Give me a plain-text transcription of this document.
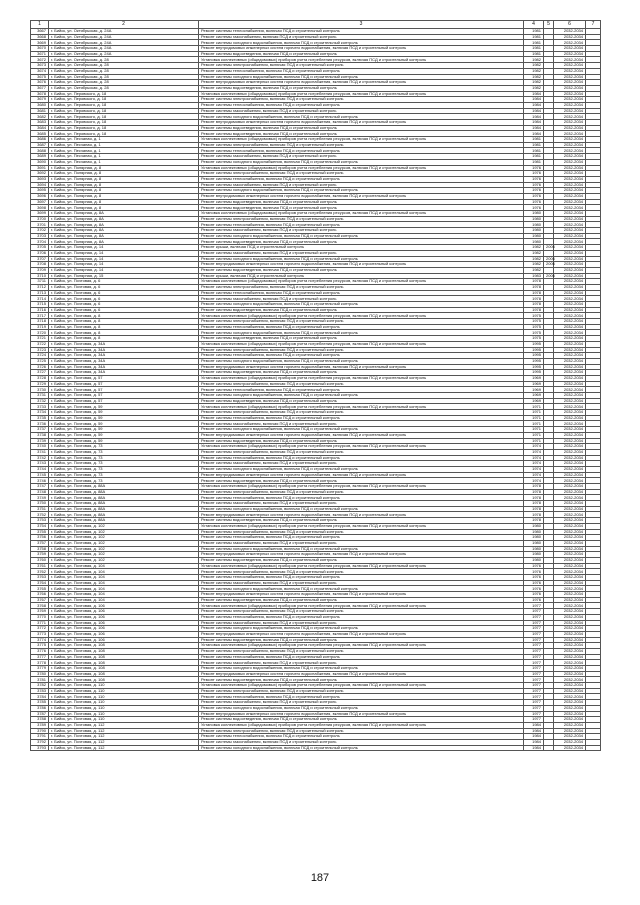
1	2	3	4	5	6	7
3667	г. Бийск, ул. Октябрьская, д. 24А	Ремонт системы теплоснабжения, включая ПСД и строительный контроль	1981		2032-2034	
3668	г. Бийск, ул. Октябрьская, д. 24А	Ремонт системы газоснабжения, включая ПСД и строительный контроль	1981		2032-2034	
3669	г. Бийск, ул. Октябрьская, д. 24А	Ремонт системы холодного водоснабжения, включая ПСД и строительный контроль	1981		2032-2034	
3670	г. Бийск, ул. Октябрьская, д. 24А	Ремонт внутридомовых инженерных систем горячего водоснабжения, включая ПСД и строительный контроль	1981		2032-2034	
3671	г. Бийск, ул. Октябрьская, д. 24А	Ремонт системы водоотведения, включая ПСД и строительный контроль	1981		2032-2034	
3672	г. Бийск, ул. Октябрьская, д. 28	Установка коллективных (общедомовых) приборов учета потребления ресурсов, включая ПСД и строительный контроль	1982		2032-2034	
3673	г. Бийск, ул. Октябрьская, д. 28	Ремонт системы электроснабжения, включая ПСД и строительный контроль	1982		2032-2034	
3674	г. Бийск, ул. Октябрьская, д. 28	Ремонт системы теплоснабжения, включая ПСД и строительный контроль	1982		2032-2034	
3675	г. Бийск, ул. Октябрьская, д. 28	Ремонт системы холодного водоснабжения, включая ПСД и строительный контроль	1982		2032-2034	
3676	г. Бийск, ул. Октябрьская, д. 28	Ремонт внутридомовых инженерных систем горячего водоснабжения, включая ПСД и строительный контроль	1982		2032-2034	
3677	г. Бийск, ул. Октябрьская, д. 28	Ремонт системы водоотведения, включая ПСД и строительный контроль	1982		2032-2034	
3678	г. Бийск, ул. Перовского, д. 18	Установка коллективных (общедомовых) приборов учета потребления ресурсов, включая ПСД и строительный контроль	1984		2032-2034	
3679	г. Бийск, ул. Перовского, д. 18	Ремонт системы электроснабжения, включая ПСД и строительный контроль	1984		2032-2034	
3680	г. Бийск, ул. Перовского, д. 18	Ремонт системы теплоснабжения, включая ПСД и строительный контроль	1984		2032-2034	
3681	г. Бийск, ул. Перовского, д. 18	Ремонт системы газоснабжения, включая ПСД и строительный контроль	1984		2032-2034	
3682	г. Бийск, ул. Перовского, д. 18	Ремонт системы холодного водоснабжения, включая ПСД и строительный контроль	1984		2032-2034	
3683	г. Бийск, ул. Перовского, д. 18	Ремонт внутридомовых инженерных систем горячего водоснабжения, включая ПСД и строительный контроль	1984		2032-2034	
3684	г. Бийск, ул. Перовского, д. 18	Ремонт системы водоотведения, включая ПСД и строительный контроль	1984		2032-2034	
3685	г. Бийск, ул. Перовского, д. 18	Ремонт системы водоотведения, включая ПСД и строительный контроль	1984		2032-2034	
3686	г. Бийск, ул. Песчаная, д. 1	Установка коллективных (общедомовых) приборов учета потребления ресурсов, включая ПСД и строительный контроль	1981		2032-2034	
3687	г. Бийск, ул. Песчаная, д. 1	Ремонт системы электроснабжения, включая ПСД и строительный контроль	1981		2032-2034	
3688	г. Бийск, ул. Песчаная, д. 1	Ремонт системы теплоснабжения, включая ПСД и строительный контроль	1981		2032-2034	
3689	г. Бийск, ул. Песчаная, д. 1	Ремонт системы газоснабжения, включая ПСД и строительный контроль	1981		2032-2034	
3690	г. Бийск, ул. Песчаная, д. 1	Ремонт системы холодного водоснабжения, включая ПСД и строительный контроль	1981		2032-2034	
3691	г. Бийск, ул. Полярная, д. 8	Установка коллективных (общедомовых) приборов учета потребления ресурсов, включая ПСД и строительный контроль	1976		2032-2034	
3692	г. Бийск, ул. Полярная, д. 8	Ремонт системы электроснабжения, включая ПСД и строительный контроль	1976		2032-2034	
3693	г. Бийск, ул. Полярная, д. 8	Ремонт системы теплоснабжения, включая ПСД и строительный контроль	1976		2032-2034	
3694	г. Бийск, ул. Полярная, д. 8	Ремонт системы газоснабжения, включая ПСД и строительный контроль	1976		2032-2034	
3695	г. Бийск, ул. Полярная, д. 8	Ремонт системы холодного водоснабжения, включая ПСД и строительный контроль	1976		2032-2034	
3696	г. Бийск, ул. Полярная, д. 8	Ремонт внутридомовых инженерных систем горячего водоснабжения, включая ПСД и строительный контроль	1976		2032-2034	
3697	г. Бийск, ул. Полярная, д. 8	Ремонт системы водоотведения, включая ПСД и строительный контроль	1976		2032-2034	
3698	г. Бийск, ул. Полярная, д. 8	Ремонт системы водоотведения, включая ПСД и строительный контроль	1976		2032-2034	
3699	г. Бийск, ул. Полярная, д. 8А	Установка коллективных (общедомовых) приборов учета потребления ресурсов, включая ПСД и строительный контроль	1980		2032-2034	
3700	г. Бийск, ул. Полярная, д. 8А	Ремонт системы электроснабжения, включая ПСД и строительный контроль	1980		2032-2034	
3701	г. Бийск, ул. Полярная, д. 8А	Ремонт системы теплоснабжения, включая ПСД и строительный контроль	1980		2032-2034	
3702	г. Бийск, ул. Полярная, д. 8А	Ремонт системы газоснабжения, включая ПСД и строительный контроль	1980		2032-2034	
3703	г. Бийск, ул. Полярная, д. 8А	Ремонт системы холодного водоснабжения, включая ПСД и строительный контроль	1980		2032-2034	
3704	г. Бийск, ул. Полярная, д. 8А	Ремонт системы водоотведения, включая ПСД и строительный контроль	1980		2032-2034	
3705	г. Бийск, ул. Полярная, д. 14	Ремонт крыши, включая ПСД и строительный контроль	1982	2006	2032-2034	
3706	г. Бийск, ул. Полярная, д. 14	Ремонт системы газоснабжения, включая ПСД и строительный контроль	1982		2032-2034	
3707	г. Бийск, ул. Полярная, д. 14	Ремонт системы холодного водоснабжения, включая ПСД и строительный контроль	1982	2006	2032-2034	
3708	г. Бийск, ул. Полярная, д. 14	Ремонт внутридомовых инженерных систем горячего водоснабжения, включая ПСД и строительный контроль	1982	2006	2032-2034	
3709	г. Бийск, ул. Полярная, д. 14	Ремонт системы водоотведения, включая ПСД и строительный контроль	1982		2032-2034	
3710	г. Бийск, ул. Полярная, д. 15	Ремонт крыши, включая ПСД и строительный контроль	1983	2006	2032-2034	
3711	г. Бийск, ул. Почтовая, д. 6	Установка коллективных (общедомовых) приборов учета потребления ресурсов, включая ПСД и строительный контроль	1978		2032-2034	
3712	г. Бийск, ул. Почтовая, д. 6	Ремонт системы электроснабжения, включая ПСД и строительный контроль	1978		2032-2034	
3713	г. Бийск, ул. Почтовая, д. 6	Ремонт системы теплоснабжения, включая ПСД и строительный контроль	1978		2032-2034	
3714	г. Бийск, ул. Почтовая, д. 6	Ремонт системы газоснабжения, включая ПСД и строительный контроль	1978		2032-2034	
3715	г. Бийск, ул. Почтовая, д. 6	Ремонт системы холодного водоснабжения, включая ПСД и строительный контроль	1978		2032-2034	
3716	г. Бийск, ул. Почтовая, д. 6	Ремонт системы водоотведения, включая ПСД и строительный контроль	1978		2032-2034	
3717	г. Бийск, ул. Почтовая, д. 8	Установка коллективных (общедомовых) приборов учета потребления ресурсов, включая ПСД и строительный контроль	1975		2032-2034	
3718	г. Бийск, ул. Почтовая, д. 8	Ремонт системы электроснабжения, включая ПСД и строительный контроль	1975		2032-2034	
3719	г. Бийск, ул. Почтовая, д. 8	Ремонт системы теплоснабжения, включая ПСД и строительный контроль	1975		2032-2034	
3720	г. Бийск, ул. Почтовая, д. 8	Ремонт системы холодного водоснабжения, включая ПСД и строительный контроль	1975		2032-2034	
3721	г. Бийск, ул. Почтовая, д. 8	Ремонт системы водоотведения, включая ПСД и строительный контроль	1975		2032-2034	
3722	г. Бийск, ул. Почтовая, д. 34А	Установка коллективных (общедомовых) приборов учета потребления ресурсов, включая ПСД и строительный контроль	1995		2032-2034	
3723	г. Бийск, ул. Почтовая, д. 34А	Ремонт системы электроснабжения, включая ПСД и строительный контроль	1995		2032-2034	
3724	г. Бийск, ул. Почтовая, д. 34А	Ремонт системы теплоснабжения, включая ПСД и строительный контроль	1995		2032-2034	
3725	г. Бийск, ул. Почтовая, д. 34А	Ремонт системы холодного водоснабжения, включая ПСД и строительный контроль	1995		2032-2034	
3726	г. Бийск, ул. Почтовая, д. 34А	Ремонт внутридомовых инженерных систем горячего водоснабжения, включая ПСД и строительный контроль	1995		2032-2034	
3727	г. Бийск, ул. Почтовая, д. 34А	Ремонт системы водоотведения, включая ПСД и строительный контроль	1995		2032-2034	
3728	г. Бийск, ул. Почтовая, д. 57	Установка коллективных (общедомовых) приборов учета потребления ресурсов, включая ПСД и строительный контроль	1969		2032-2034	
3729	г. Бийск, ул. Почтовая, д. 57	Ремонт системы электроснабжения, включая ПСД и строительный контроль	1969		2032-2034	
3730	г. Бийск, ул. Почтовая, д. 57	Ремонт системы теплоснабжения, включая ПСД и строительный контроль	1969		2032-2034	
3731	г. Бийск, ул. Почтовая, д. 57	Ремонт системы холодного водоснабжения, включая ПСД и строительный контроль	1969		2032-2034	
3732	г. Бийск, ул. Почтовая, д. 57	Ремонт системы водоотведения, включая ПСД и строительный контроль	1969		2032-2034	
3733	г. Бийск, ул. Почтовая, д. 59	Установка коллективных (общедомовых) приборов учета потребления ресурсов, включая ПСД и строительный контроль	1971		2032-2034	
3734	г. Бийск, ул. Почтовая, д. 59	Ремонт системы электроснабжения, включая ПСД и строительный контроль	1971		2032-2034	
3735	г. Бийск, ул. Почтовая, д. 59	Ремонт системы теплоснабжения, включая ПСД и строительный контроль	1971		2032-2034	
3736	г. Бийск, ул. Почтовая, д. 59	Ремонт системы газоснабжения, включая ПСД и строительный контроль	1971		2032-2034	
3737	г. Бийск, ул. Почтовая, д. 59	Ремонт системы холодного водоснабжения, включая ПСД и строительный контроль	1971		2032-2034	
3738	г. Бийск, ул. Почтовая, д. 59	Ремонт внутридомовых инженерных систем горячего водоснабжения, включая ПСД и строительный контроль	1971		2032-2034	
3739	г. Бийск, ул. Почтовая, д. 59	Ремонт системы водоотведения, включая ПСД и строительный контроль	1971		2032-2034	
3740	г. Бийск, ул. Почтовая, д. 73	Установка коллективных (общедомовых) приборов учета потребления ресурсов, включая ПСД и строительный контроль	1974		2032-2034	
3741	г. Бийск, ул. Почтовая, д. 73	Ремонт системы электроснабжения, включая ПСД и строительный контроль	1974		2032-2034	
3742	г. Бийск, ул. Почтовая, д. 73	Ремонт системы теплоснабжения, включая ПСД и строительный контроль	1974		2032-2034	
3743	г. Бийск, ул. Почтовая, д. 73	Ремонт системы газоснабжения, включая ПСД и строительный контроль	1974		2032-2034	
3744	г. Бийск, ул. Почтовая, д. 73	Ремонт системы холодного водоснабжения, включая ПСД и строительный контроль	1974		2032-2034	
3745	г. Бийск, ул. Почтовая, д. 73	Ремонт внутридомовых инженерных систем горячего водоснабжения, включая ПСД и строительный контроль	1974		2032-2034	
3746	г. Бийск, ул. Почтовая, д. 73	Ремонт системы водоотведения, включая ПСД и строительный контроль	1974		2032-2034	
3747	г. Бийск, ул. Почтовая, д. 88А	Установка коллективных (общедомовых) приборов учета потребления ресурсов, включая ПСД и строительный контроль	1978		2032-2034	
3748	г. Бийск, ул. Почтовая, д. 88А	Ремонт системы электроснабжения, включая ПСД и строительный контроль	1978		2032-2034	
3749	г. Бийск, ул. Почтовая, д. 88А	Ремонт системы теплоснабжения, включая ПСД и строительный контроль	1978		2032-2034	
3750	г. Бийск, ул. Почтовая, д. 88А	Ремонт системы газоснабжения, включая ПСД и строительный контроль	1978		2032-2034	
3751	г. Бийск, ул. Почтовая, д. 88А	Ремонт системы холодного водоснабжения, включая ПСД и строительный контроль	1978		2032-2034	
3752	г. Бийск, ул. Почтовая, д. 88А	Ремонт внутридомовых инженерных систем горячего водоснабжения, включая ПСД и строительный контроль	1978		2032-2034	
3753	г. Бийск, ул. Почтовая, д. 88А	Ремонт системы водоотведения, включая ПСД и строительный контроль	1978		2032-2034	
3754	г. Бийск, ул. Почтовая, д. 102	Установка коллективных (общедомовых) приборов учета потребления ресурсов, включая ПСД и строительный контроль	1980		2032-2034	
3755	г. Бийск, ул. Почтовая, д. 102	Ремонт системы электроснабжения, включая ПСД и строительный контроль	1980		2032-2034	
3756	г. Бийск, ул. Почтовая, д. 102	Ремонт системы теплоснабжения, включая ПСД и строительный контроль	1980		2032-2034	
3757	г. Бийск, ул. Почтовая, д. 102	Ремонт системы газоснабжения, включая ПСД и строительный контроль	1980		2032-2034	
3758	г. Бийск, ул. Почтовая, д. 102	Ремонт системы холодного водоснабжения, включая ПСД и строительный контроль	1980		2032-2034	
3759	г. Бийск, ул. Почтовая, д. 102	Ремонт внутридомовых инженерных систем горячего водоснабжения, включая ПСД и строительный контроль	1980		2032-2034	
3760	г. Бийск, ул. Почтовая, д. 102	Ремонт системы водоотведения, включая ПСД и строительный контроль	1980		2032-2034	
3761	г. Бийск, ул. Почтовая, д. 104	Установка коллективных (общедомовых) приборов учета потребления ресурсов, включая ПСД и строительный контроль	1976		2032-2034	
3762	г. Бийск, ул. Почтовая, д. 104	Ремонт системы электроснабжения, включая ПСД и строительный контроль	1976		2032-2034	
3763	г. Бийск, ул. Почтовая, д. 104	Ремонт системы теплоснабжения, включая ПСД и строительный контроль	1976		2032-2034	
3764	г. Бийск, ул. Почтовая, д. 104	Ремонт системы газоснабжения, включая ПСД и строительный контроль	1976		2032-2034	
3765	г. Бийск, ул. Почтовая, д. 104	Ремонт системы холодного водоснабжения, включая ПСД и строительный контроль	1976		2032-2034	
3766	г. Бийск, ул. Почтовая, д. 104	Ремонт внутридомовых инженерных систем горячего водоснабжения, включая ПСД и строительный контроль	1976		2032-2034	
3767	г. Бийск, ул. Почтовая, д. 104	Ремонт системы водоотведения, включая ПСД и строительный контроль	1976		2032-2034	
3768	г. Бийск, ул. Почтовая, д. 106	Установка коллективных (общедомовых) приборов учета потребления ресурсов, включая ПСД и строительный контроль	1977		2032-2034	
3769	г. Бийск, ул. Почтовая, д. 106	Ремонт системы электроснабжения, включая ПСД и строительный контроль	1977		2032-2034	
3770	г. Бийск, ул. Почтовая, д. 106	Ремонт системы теплоснабжения, включая ПСД и строительный контроль	1977		2032-2034	
3771	г. Бийск, ул. Почтовая, д. 106	Ремонт системы газоснабжения, включая ПСД и строительный контроль	1977		2032-2034	
3772	г. Бийск, ул. Почтовая, д. 106	Ремонт системы холодного водоснабжения, включая ПСД и строительный контроль	1977		2032-2034	
3773	г. Бийск, ул. Почтовая, д. 106	Ремонт внутридомовых инженерных систем горячего водоснабжения, включая ПСД и строительный контроль	1977		2032-2034	
3774	г. Бийск, ул. Почтовая, д. 106	Ремонт системы водоотведения, включая ПСД и строительный контроль	1977		2032-2034	
3775	г. Бийск, ул. Почтовая, д. 108	Установка коллективных (общедомовых) приборов учета потребления ресурсов, включая ПСД и строительный контроль	1977		2032-2034	
3776	г. Бийск, ул. Почтовая, д. 108	Ремонт системы электроснабжения, включая ПСД и строительный контроль	1977		2032-2034	
3777	г. Бийск, ул. Почтовая, д. 108	Ремонт системы теплоснабжения, включая ПСД и строительный контроль	1977		2032-2034	
3778	г. Бийск, ул. Почтовая, д. 108	Ремонт системы газоснабжения, включая ПСД и строительный контроль	1977		2032-2034	
3779	г. Бийск, ул. Почтовая, д. 108	Ремонт системы холодного водоснабжения, включая ПСД и строительный контроль	1977		2032-2034	
3780	г. Бийск, ул. Почтовая, д. 108	Ремонт внутридомовых инженерных систем горячего водоснабжения, включая ПСД и строительный контроль	1977		2032-2034	
3781	г. Бийск, ул. Почтовая, д. 108	Ремонт системы водоотведения, включая ПСД и строительный контроль	1977		2032-2034	
3782	г. Бийск, ул. Почтовая, д. 110	Установка коллективных (общедомовых) приборов учета потребления ресурсов, включая ПСД и строительный контроль	1977		2032-2034	
3783	г. Бийск, ул. Почтовая, д. 110	Ремонт системы электроснабжения, включая ПСД и строительный контроль	1977		2032-2034	
3784	г. Бийск, ул. Почтовая, д. 110	Ремонт системы теплоснабжения, включая ПСД и строительный контроль	1977		2032-2034	
3785	г. Бийск, ул. Почтовая, д. 110	Ремонт системы газоснабжения, включая ПСД и строительный контроль	1977		2032-2034	
3786	г. Бийск, ул. Почтовая, д. 110	Ремонт системы холодного водоснабжения, включая ПСД и строительный контроль	1977		2032-2034	
3787	г. Бийск, ул. Почтовая, д. 110	Ремонт внутридомовых инженерных систем горячего водоснабжения, включая ПСД и строительный контроль	1977		2032-2034	
3788	г. Бийск, ул. Почтовая, д. 110	Ремонт системы водоотведения, включая ПСД и строительный контроль	1977		2032-2034	
3789	г. Бийск, ул. Почтовая, д. 112	Установка коллективных (общедомовых) приборов учета потребления ресурсов, включая ПСД и строительный контроль	1984		2032-2034	
3790	г. Бийск, ул. Почтовая, д. 112	Ремонт системы электроснабжения, включая ПСД и строительный контроль	1984		2032-2034	
3791	г. Бийск, ул. Почтовая, д. 112	Ремонт системы теплоснабжения, включая ПСД и строительный контроль	1984		2032-2034	
3792	г. Бийск, ул. Почтовая, д. 112	Ремонт системы газоснабжения, включая ПСД и строительный контроль	1984		2032-2034	
3793	г. Бийск, ул. Почтовая, д. 112	Ремонт системы холодного водоснабжения, включая ПСД и строительный контроль	1984		2032-2034	
187
